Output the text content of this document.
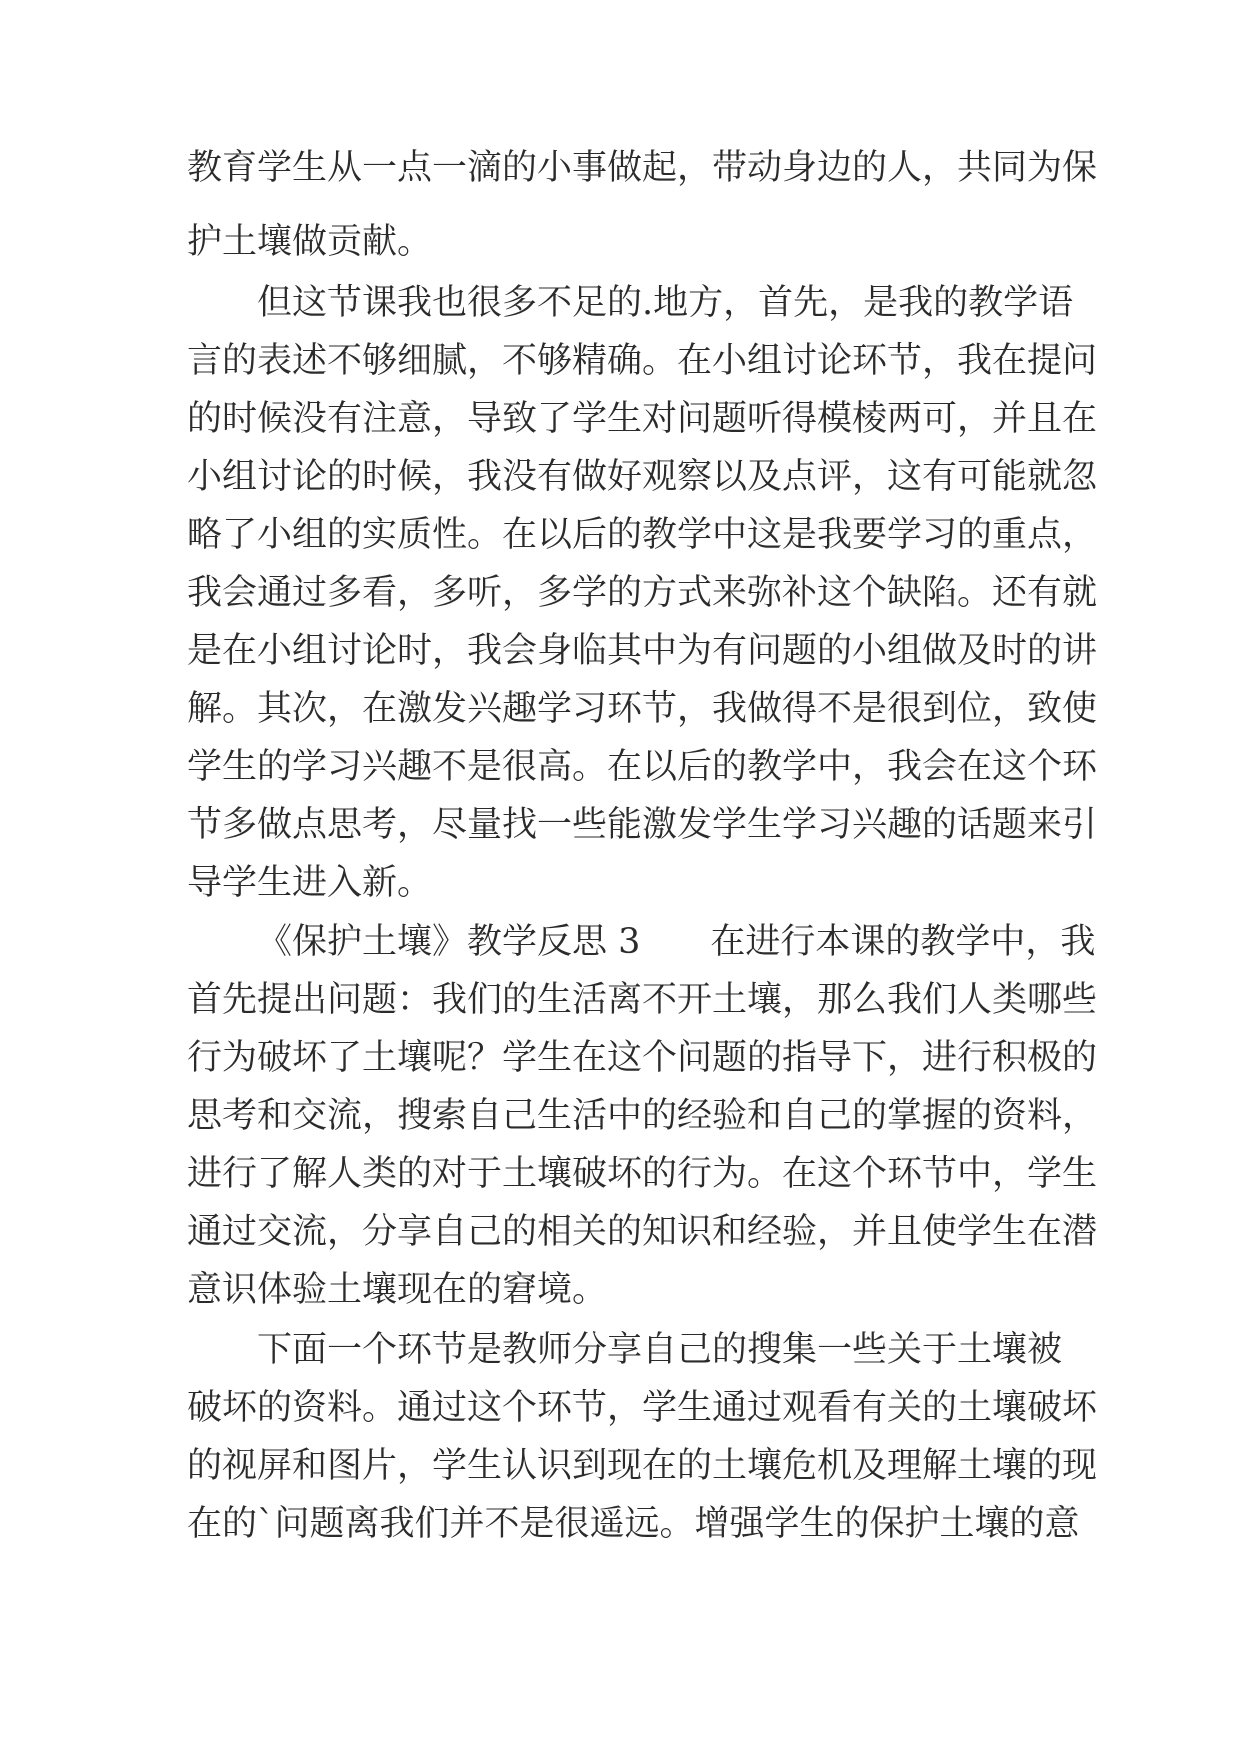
教育学生从一点一滴的小事做起，带动身边的人，共同为保
护土壤做贡献。
但这节课我也很多不足的.地方，首先，是我的教学语
言的表述不够细腻，不够精确。在小组讨论环节，我在提问
的时候没有注意，导致了学生对问题听得模棱两可，并且在
小组讨论的时候，我没有做好观察以及点评，这有可能就忽
略了小组的实质性。在以后的教学中这是我要学习的重点，
我会通过多看，多听，多学的方式来弥补这个缺陷。还有就
是在小组讨论时，我会身临其中为有问题的小组做及时的讲
解。其次，在激发兴趣学习环节，我做得不是很到位，致使
学生的学习兴趣不是很高。在以后的教学中，我会在这个环
节多做点思考，尽量找一些能激发学生学习兴趣的话题来引
导学生进入新。
《保护土壤》教学反思 3　　在进行本课的教学中，我
首先提出问题：我们的生活离不开土壤，那么我们人类哪些
行为破坏了土壤呢？学生在这个问题的指导下，进行积极的
思考和交流，搜索自己生活中的经验和自己的掌握的资料，
进行了解人类的对于土壤破坏的行为。在这个环节中，学生
通过交流，分享自己的相关的知识和经验，并且使学生在潜
意识体验土壤现在的窘境。
下面一个环节是教师分享自己的搜集一些关于土壤被
破坏的资料。通过这个环节，学生通过观看有关的土壤破坏
的视屏和图片，学生认识到现在的土壤危机及理解土壤的现
在的`问题离我们并不是很遥远。增强学生的保护土壤的意
